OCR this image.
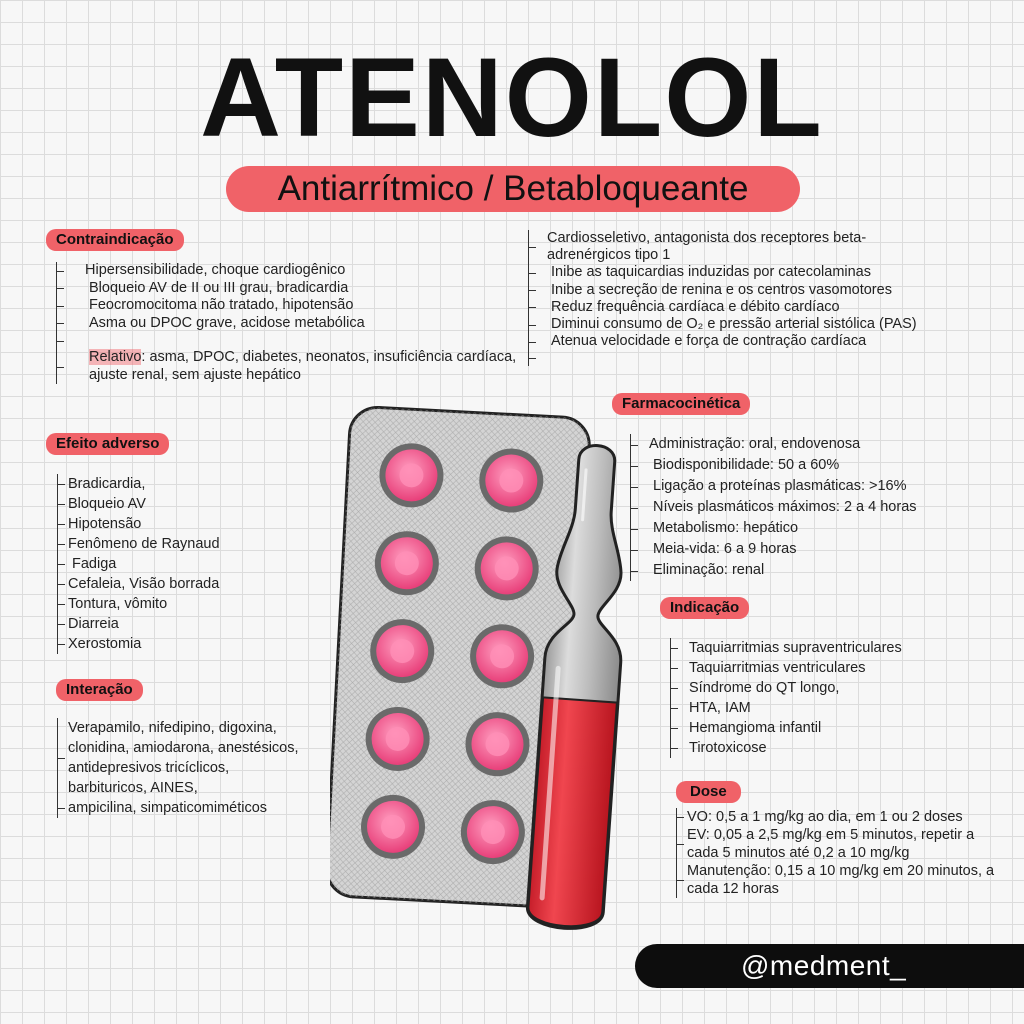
ATENOLOL
Antiarrítmico / Betabloqueante
Contraindicação
Hipersensibilidade, choque cardiogênico
Bloqueio AV de II ou III grau, bradicardia
Feocromocitoma não tratado, hipotensão
Asma ou DPOC grave, acidose metabólica
Relativo: asma, DPOC, diabetes, neonatos, insuficiência cardíaca, ajuste renal, sem ajuste hepático
Cardiosseletivo, antagonista dos receptores beta-adrenérgicos tipo 1
Inibe as taquicardias induzidas por catecolaminas
Inibe a secreção de renina e os centros vasomotores
Reduz frequência cardíaca e débito cardíaco
Diminui consumo de O₂ e pressão arterial sistólica (PAS)
Atenua velocidade e força de contração cardíaca
Efeito adverso
Bradicardia,
Bloqueio AV
Hipotensão
Fenômeno de Raynaud
Fadiga
Cefaleia, Visão borrada
Tontura, vômito
Diarreia
Xerostomia
Interação
Verapamilo, nifedipino, digoxina, clonidina, amiodarona, anestésicos, antidepresivos tricíclicos, barbituricos, AINES,
ampicilina, simpaticomiméticos
Farmacocinética
Administração: oral, endovenosa
Biodisponibilidade: 50 a 60%
Ligação a proteínas plasmáticas: >16%
Níveis plasmáticos máximos: 2 a 4 horas
Metabolismo: hepático
Meia-vida: 6 a 9 horas
Eliminação: renal
Indicação
Taquiarritmias supraventriculares
Taquiarritmias ventriculares
Síndrome do QT longo,
HTA, IAM
Hemangioma infantil
Tirotoxicose
Dose
VO: 0,5 a 1 mg/kg ao dia, em 1 ou 2 doses
EV: 0,05 a 2,5 mg/kg em 5 minutos, repetir a cada 5 minutos até 0,2 a 10 mg/kg
Manutenção: 0,15 a 10 mg/kg em 20 minutos, a cada 12 horas
@medment_
